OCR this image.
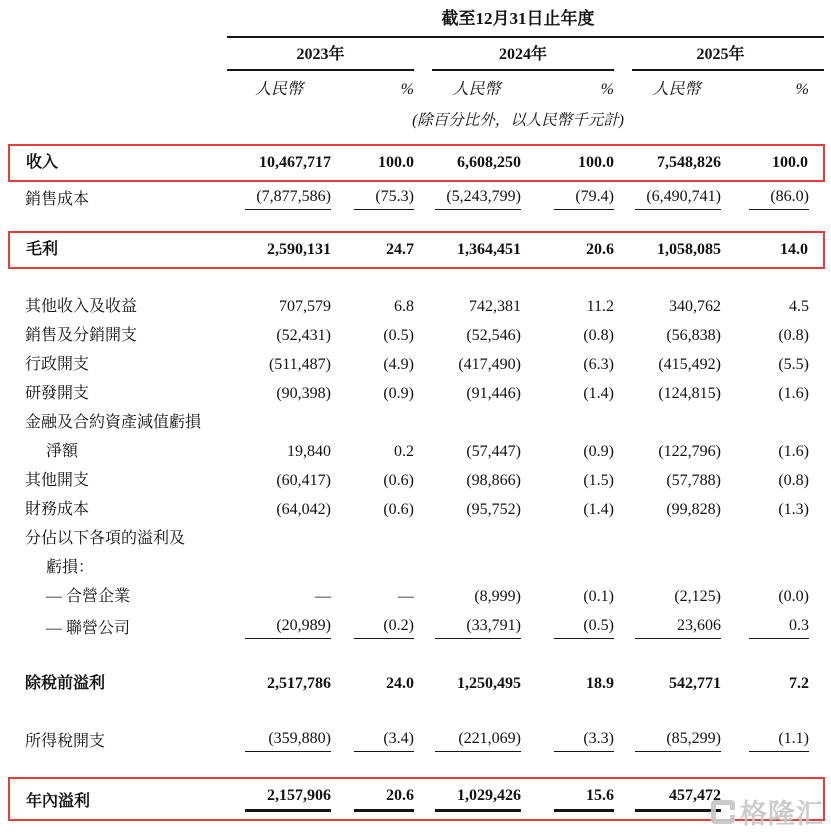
	截至12月31日止年度							
	2023年			2024年			2025年	
	人民幣	%		人民幣	%		人民幣	%
	(除百分比外，以人民幣千元計)							

收入	10,467,717	100.0		6,608,250	100.0		7,548,826	100.0
銷售成本	(7,877,586)	(75.3)		(5,243,799)	(79.4)		(6,490,741)	(86.0)

毛利	2,590,131	24.7		1,364,451	20.6		1,058,085	14.0

其他收入及收益	707,579	6.8		742,381	11.2		340,762	4.5
銷售及分銷開支	(52,431)	(0.5)		(52,546)	(0.8)		(56,838)	(0.8)
行政開支	(511,487)	(4.9)		(417,490)	(6.3)		(415,492)	(5.5)
研發開支	(90,398)	(0.9)		(91,446)	(1.4)		(124,815)	(1.6)
金融及合約資產減值虧損								
淨額	19,840	0.2		(57,447)	(0.9)		(122,796)	(1.6)
其他開支	(60,417)	(0.6)		(98,866)	(1.5)		(57,788)	(0.8)
財務成本	(64,042)	(0.6)		(95,752)	(1.4)		(99,828)	(1.3)
分佔以下各項的溢利及								
虧損：								
— 合營企業	—	—		(8,999)	(0.1)		(2,125)	(0.0)
— 聯營公司	(20,989)	(0.2)		(33,791)	(0.5)		23,606	0.3

除稅前溢利	2,517,786	24.0		1,250,495	18.9		542,771	7.2

所得稅開支	(359,880)	(3.4)		(221,069)	(3.3)		(85,299)	(1.1)

年內溢利	2,157,906	20.6		1,029,426	15.6		457,472	
格隆汇
